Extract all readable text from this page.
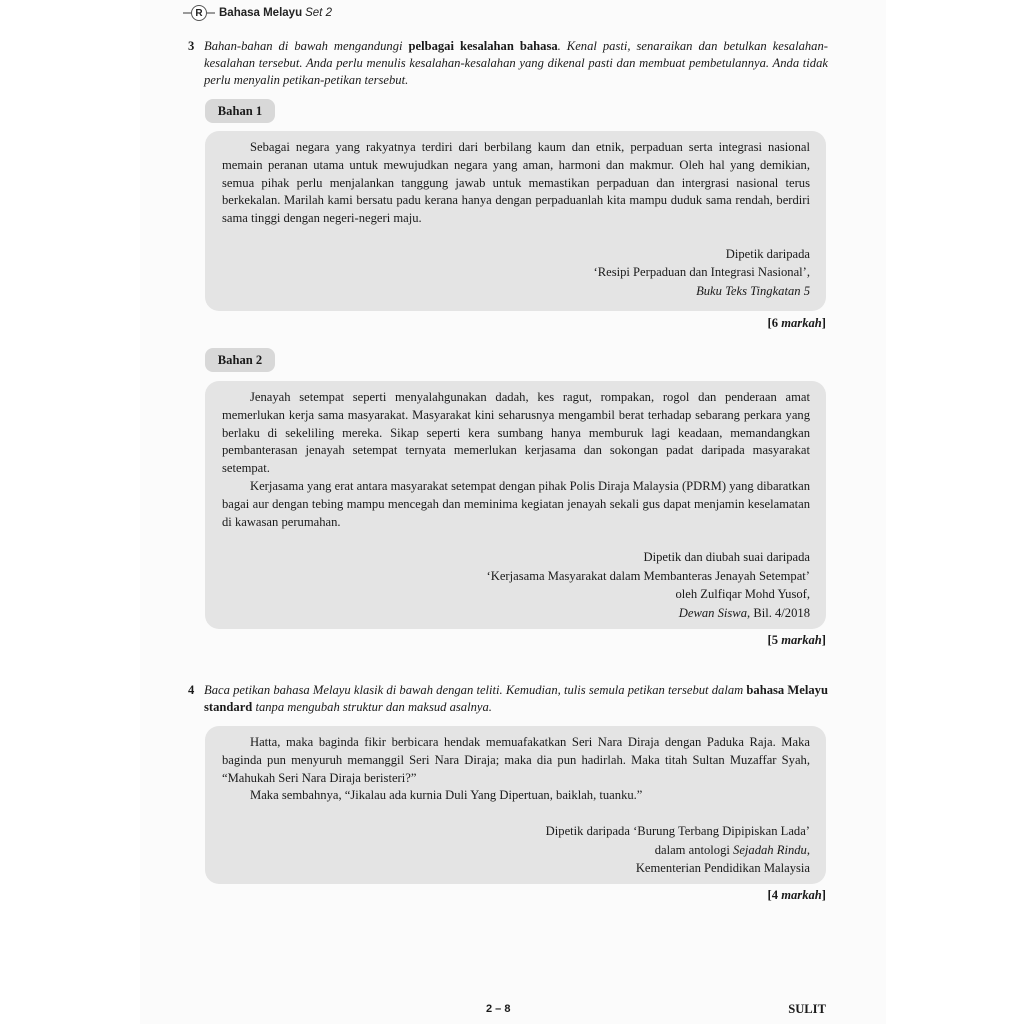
R	Bahasa Melayu Set 2
3 Bahan-bahan di bawah mengandungi pelbagai kesalahan bahasa. Kenal pasti, senaraikan dan betulkan kesalahan-kesalahan tersebut. Anda perlu menulis kesalahan-kesalahan yang dikenal pasti dan membuat pembetulannya. Anda tidak perlu menyalin petikan-petikan tersebut.
Bahan 1

Sebagai negara yang rakyatnya terdiri dari berbilang kaum dan etnik, perpaduan serta integrasi nasional memain peranan utama untuk mewujudkan negara yang aman, harmoni dan makmur. Oleh hal yang demikian, semua pihak perlu menjalankan tanggung jawab untuk memastikan perpaduan dan intergrasi nasional terus berkekalan. Marilah kami bersatu padu kerana hanya dengan perpaduanlah kita mampu duduk sama rendah, berdiri sama tinggi dengan negeri-negeri maju.

Dipetik daripada
‘Resipi Perpaduan dan Integrasi Nasional’,
Buku Teks Tingkatan 5
[6 markah]
Bahan 2

Jenayah setempat seperti menyalahgunakan dadah, kes ragut, rompakan, rogol dan penderaan amat memerlukan kerja sama masyarakat. Masyarakat kini seharusnya mengambil berat terhadap sebarang perkara yang berlaku di sekeliling mereka. Sikap seperti kera sumbang hanya memburuk lagi keadaan, memandangkan pembanterasan jenayah setempat ternyata memerlukan kerjasama dan sokongan padat daripada masyarakat setempat.

Kerjasama yang erat antara masyarakat setempat dengan pihak Polis Diraja Malaysia (PDRM) yang dibaratkan bagai aur dengan tebing mampu mencegah dan meminima kegiatan jenayah sekali gus dapat menjamin keselamatan di kawasan perumahan.

Dipetik dan diubah suai daripada
‘Kerjasama Masyarakat dalam Membanteras Jenayah Setempat’
oleh Zulfiqar Mohd Yusof,
Dewan Siswa, Bil. 4/2018
[5 markah]
4 Baca petikan bahasa Melayu klasik di bawah dengan teliti. Kemudian, tulis semula petikan tersebut dalam bahasa Melayu standard tanpa mengubah struktur dan maksud asalnya.

Hatta, maka baginda fikir berbicara hendak memuafakatkan Seri Nara Diraja dengan Paduka Raja. Maka baginda pun menyuruh memanggil Seri Nara Diraja; maka dia pun hadirlah. Maka titah Sultan Muzaffar Syah, “Mahukah Seri Nara Diraja beristeri?”

Maka sembahnya, “Jikalau ada kurnia Duli Yang Dipertuan, baiklah, tuanku.”

Dipetik daripada ‘Burung Terbang Dipipiskan Lada’
dalam antologi Sejadah Rindu,
Kementerian Pendidikan Malaysia
[4 markah]
2 – 8	SULIT
